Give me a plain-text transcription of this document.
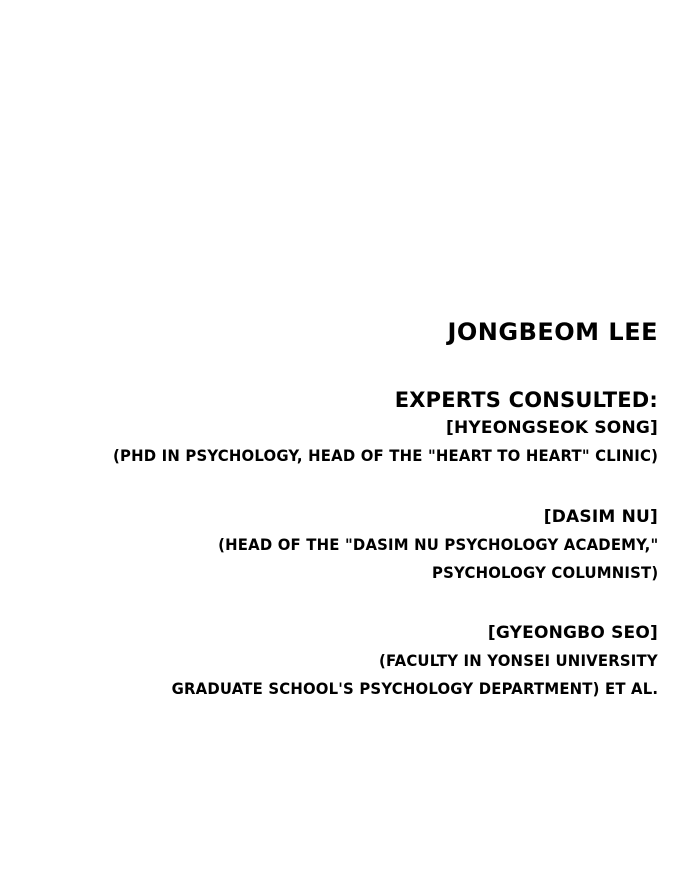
JONGBEOM LEE
EXPERTS CONSULTED:
[HYEONGSEOK SONG]
(PHD IN PSYCHOLOGY, HEAD OF THE "HEART TO HEART" CLINIC)
[DASIM NU]
(HEAD OF THE "DASIM NU PSYCHOLOGY ACADEMY,"
PSYCHOLOGY COLUMNIST)
[GYEONGBO SEO]
(FACULTY IN YONSEI UNIVERSITY
GRADUATE SCHOOL'S PSYCHOLOGY DEPARTMENT) ET AL.
